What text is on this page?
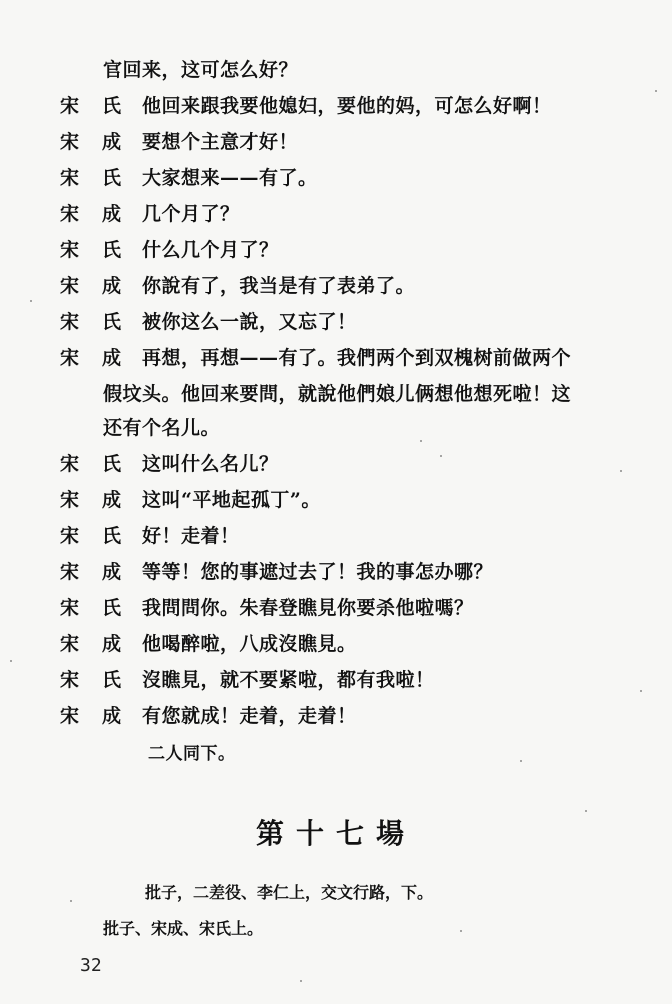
官回来，这可怎么好？
宋 氏 他回来跟我要他媳妇，要他的妈，可怎么好啊！
宋 成 要想个主意才好！
宋 氏 大家想来——有了。
宋 成 几个月了？
宋 氏 什么几个月了？
宋 成 你說有了，我当是有了表弟了。
宋 氏 被你这么一說，又忘了！
宋 成 再想，再想——有了。我們两个到双槐树前做两个
假坟头。他回来要問，就說他們娘儿俩想他想死啦！这
还有个名儿。
宋 氏 这叫什么名儿？
宋 成 这叫“平地起孤丁”。
宋 氏 好！走着！
宋 成 等等！您的事遮过去了！我的事怎办哪？
宋 氏 我問問你。朱春登瞧見你要杀他啦嗎？
宋 成 他喝醉啦，八成沒瞧見。
宋 氏 沒瞧見，就不要紧啦，都有我啦！
宋 成 有您就成！走着，走着！
二人同下。
第十七場
批子，二差役、李仁上，交文行路，下。
批子、宋成、宋氏上。
32
